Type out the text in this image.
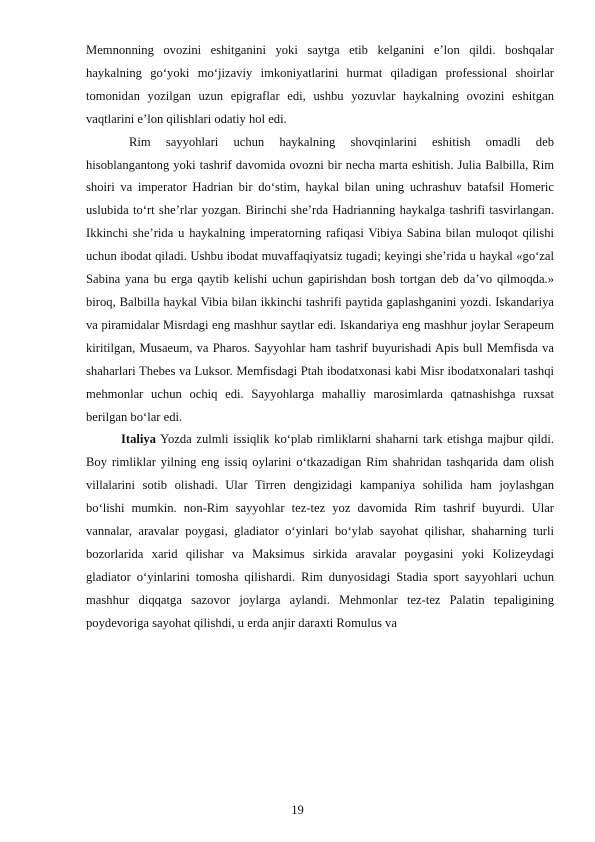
Memnonning ovozini eshitganini yoki saytga etib kelganini e’lon qildi. boshqalar haykalning go‘yoki mo‘jizaviy imkoniyatlarini hurmat qiladigan professional shoirlar tomonidan yozilgan uzun epigraflar edi, ushbu yozuvlar haykalning ovozini eshitgan vaqtlarini e’lon qilishlari odatiy hol edi.

Rim sayyohlari uchun haykalning shovqinlarini eshitish omadli deb hisoblangantong yoki tashrif davomida ovozni bir necha marta eshitish. Julia Balbilla, Rim shoiri va imperator Hadrian bir do‘stim, haykal bilan uning uchrashuv batafsil Homeric uslubida to‘rt she’rlar yozgan. Birinchi she’rda Hadrianning haykalga tashrifi tasvirlangan. Ikkinchi she’rida u haykalning imperatorning rafiqasi Vibiya Sabina bilan muloqot qilishi uchun ibodat qiladi. Ushbu ibodat muvaffaqiyatsiz tugadi; keyingi she’rida u haykal «go‘zal Sabina yana bu erga qaytib kelishi uchun gapirishdan bosh tortgan deb da’vo qilmoqda.» biroq, Balbilla haykal Vibia bilan ikkinchi tashrifi paytida gaplashganini yozdi. Iskandariya va piramidalar Misrdagi eng mashhur saytlar edi. Iskandariya eng mashhur joylar Serapeum kiritilgan, Musaeum, va Pharos. Sayyohlar ham tashrif buyurishadi Apis bull Memfisda va shaharlari Thebes va Luksor. Memfisdagi Ptah ibodatxonasi kabi Misr ibodatxonalari tashqi mehmonlar uchun ochiq edi. Sayyohlarga mahalliy marosimlarda qatnashishga ruxsat berilgan bo‘lar edi.

Italiya Yozda zulmli issiqlik ko‘plab rimliklarni shaharni tark etishga majbur qildi. Boy rimliklar yilning eng issiq oylarini o‘tkazadigan Rim shahridan tashqarida dam olish villalarini sotib olishadi. Ular Tirren dengizidagi kampaniya sohilida ham joylashgan bo‘lishi mumkin. non-Rim sayyohlar tez-tez yoz davomida Rim tashrif buyurdi. Ular vannalar, aravalar poygasi, gladiator o‘yinlari bo‘ylab sayohat qilishar, shaharning turli bozorlarida xarid qilishar va Maksimus sirkida aravalar poygasini yoki Kolizeydagi gladiator o‘yinlarini tomosha qilishardi. Rim dunyosidagi Stadia sport sayyohlari uchun mashhur diqqatga sazovor joylarga aylandi. Mehmonlar tez-tez Palatin tepaligining poydevoriga sayohat qilishdi, u erda anjir daraxti Romulus va

19
